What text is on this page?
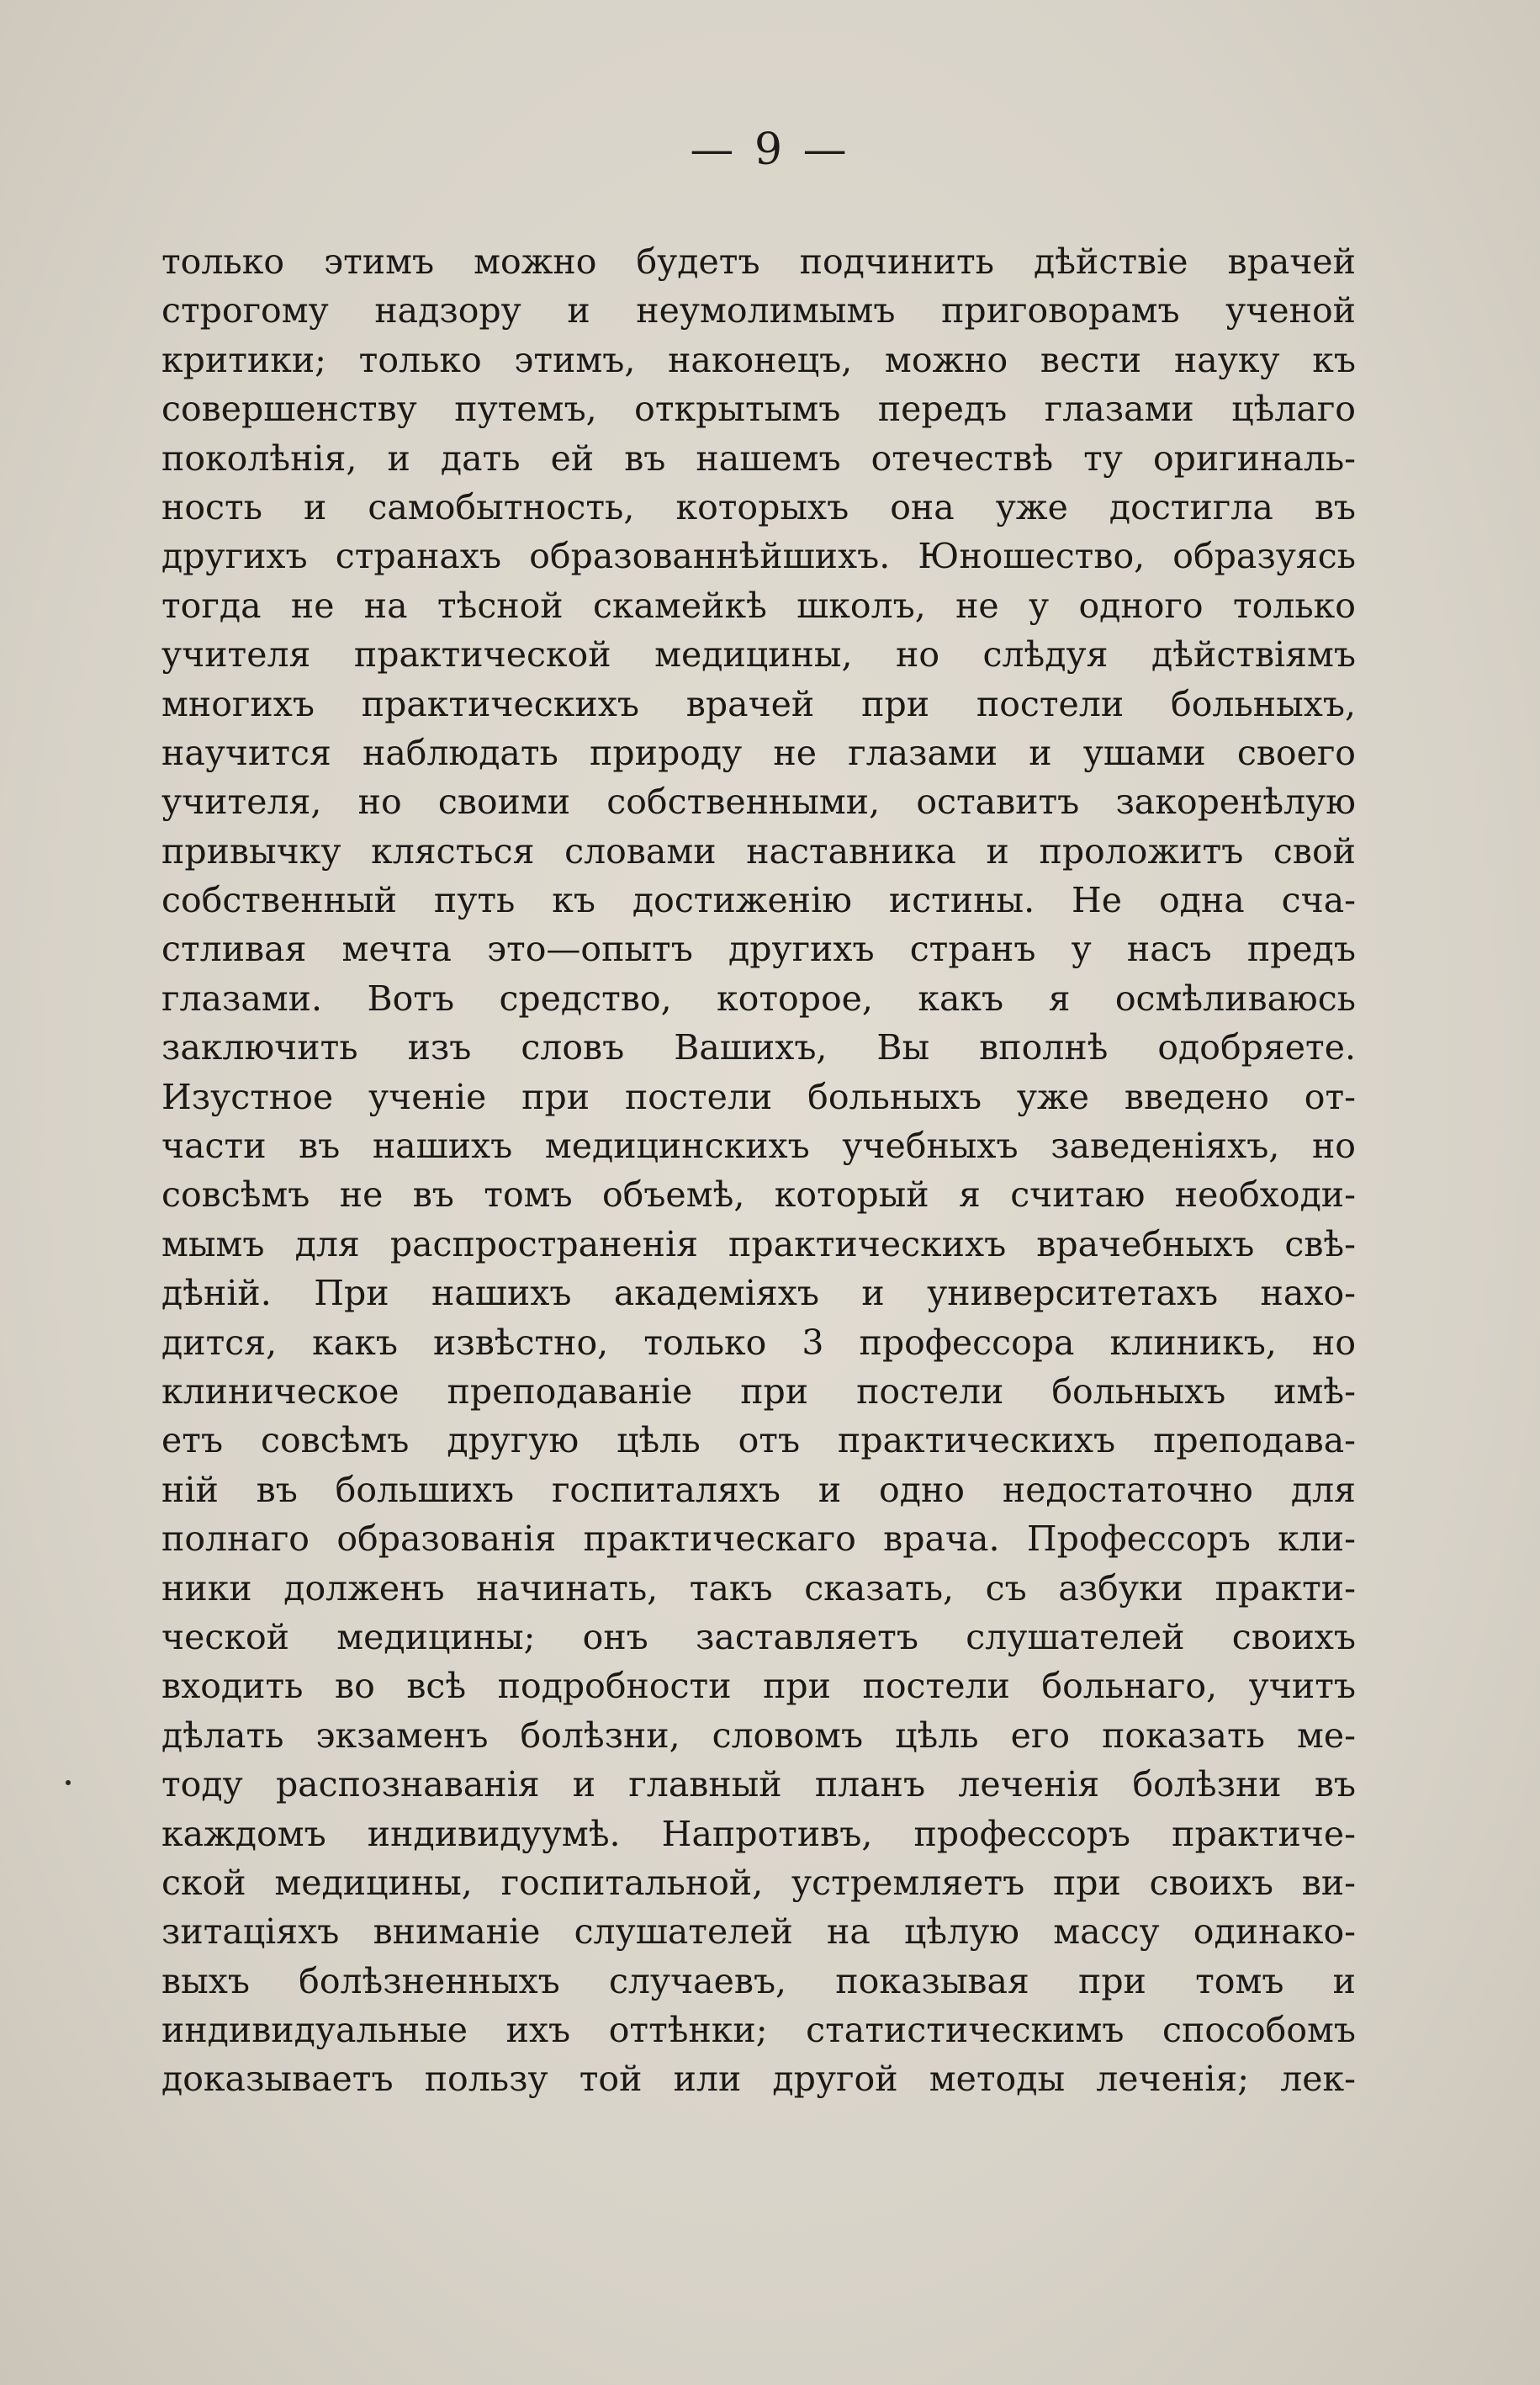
— 9 —
только этимъ можно будетъ подчинить дѣйствіе врачей
строгому надзору и неумолимымъ приговорамъ ученой
критики; только этимъ, наконецъ, можно вести науку къ
совершенству путемъ, открытымъ передъ глазами цѣлаго
поколѣнія, и дать ей въ нашемъ отечествѣ ту оригиналь-
ность и самобытность, которыхъ она уже достигла въ
другихъ странахъ образованнѣйшихъ. Юношество, образуясь
тогда не на тѣсной скамейкѣ школъ, не у одного только
учителя практической медицины, но слѣдуя дѣйствіямъ
многихъ практическихъ врачей при постели больныхъ,
научится наблюдать природу не глазами и ушами своего
учителя, но своими собственными, оставитъ закоренѣлую
привычку клясться словами наставника и проложитъ свой
собственный путь къ достиженію истины. Не одна сча-
стливая мечта это—опытъ другихъ странъ у насъ предъ
глазами. Вотъ средство, которое, какъ я осмѣливаюсь
заключить изъ словъ Вашихъ, Вы вполнѣ одобряете.
Изустное ученіе при постели больныхъ уже введено от-
части въ нашихъ медицинскихъ учебныхъ заведеніяхъ, но
совсѣмъ не въ томъ объемѣ, который я считаю необходи-
мымъ для распространенія практическихъ врачебныхъ свѣ-
дѣній. При нашихъ академіяхъ и университетахъ нахо-
дится, какъ извѣстно, только 3 профессора клиникъ, но
клиническое преподаваніе при постели больныхъ имѣ-
етъ совсѣмъ другую цѣль отъ практическихъ преподава-
ній въ большихъ госпиталяхъ и одно недостаточно для
полнаго образованія практическаго врача. Профессоръ кли-
ники долженъ начинать, такъ сказать, съ азбуки практи-
ческой медицины; онъ заставляетъ слушателей своихъ
входить во всѣ подробности при постели больнаго, учитъ
дѣлать экзаменъ болѣзни, словомъ цѣль его показать ме-
тоду распознаванія и главный планъ леченія болѣзни въ
каждомъ индивидуумѣ. Напротивъ, профессоръ практиче-
ской медицины, госпитальной, устремляетъ при своихъ ви-
зитаціяхъ вниманіе слушателей на цѣлую массу одинако-
выхъ болѣзненныхъ случаевъ, показывая при томъ и
индивидуальные ихъ оттѣнки; статистическимъ способомъ
доказываетъ пользу той или другой методы леченія; лек-
